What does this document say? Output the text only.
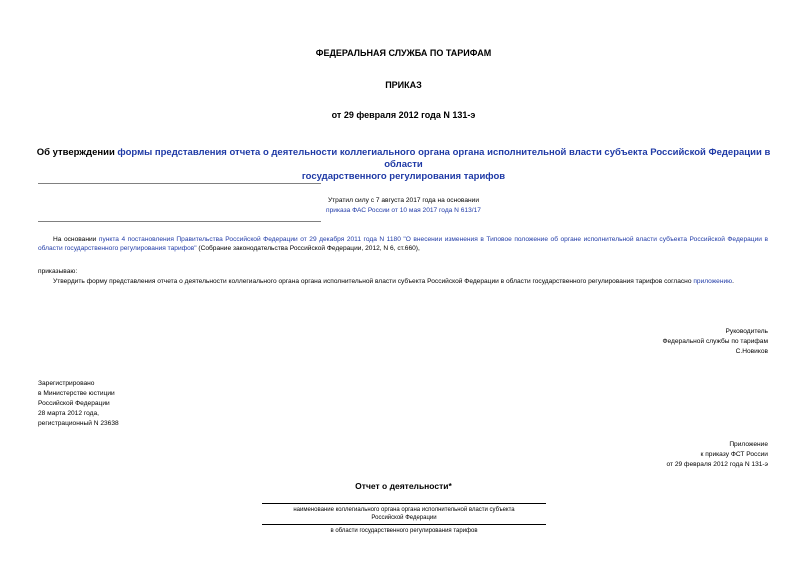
ФЕДЕРАЛЬНАЯ СЛУЖБА ПО ТАРИФАМ
ПРИКАЗ
от 29 февраля 2012 года N 131-э
Об утверждении формы представления отчета о деятельности коллегиального органа органа исполнительной власти субъекта Российской Федерации в области
государственного регулирования тарифов
Утратил силу с 7 августа 2017 года на основании
приказа ФАС России от 10 мая 2017 года N 613/17
На основании пункта 4 постановления Правительства Российской Федерации от 29 декабря 2011 года N 1180 "О внесении изменения в Типовое положение об органе исполнительной власти субъекта Российской Федерации в области государственного регулирования тарифов" (Собрание законодательства Российской Федерации, 2012, N 6, ст.660),
приказываю:
Утвердить форму представления отчета о деятельности коллегиального органа органа исполнительной власти субъекта Российской Федерации в области государственного регулирования тарифов согласно приложению.
Руководитель
Федеральной службы по тарифам
С.Новиков
Зарегистрировано
в Министерстве юстиции
Российской Федерации
28 марта 2012 года,
регистрационный N 23638
Приложение
к приказу ФСТ России
от 29 февраля 2012 года N 131-э
Отчет о деятельности*
наименование коллегиального органа органа исполнительной власти субъекта
Российской Федерации
в области государственного регулирования тарифов
